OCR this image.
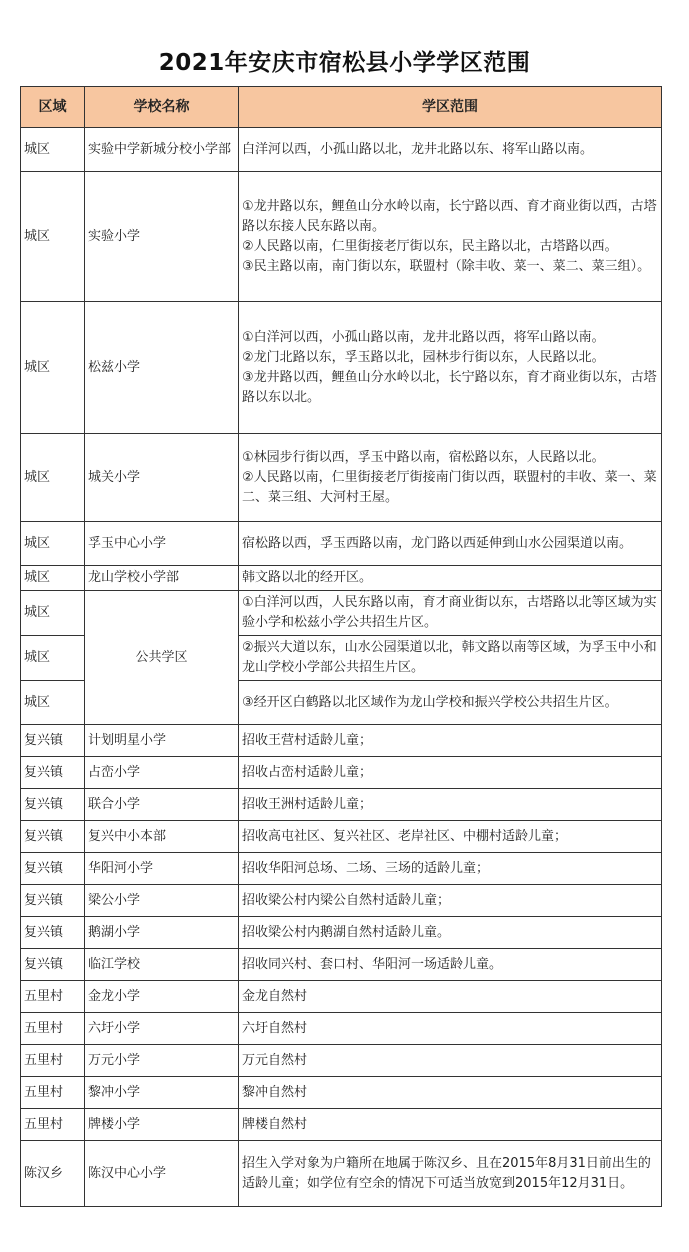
2021年安庆市宿松县小学学区范围
区域	学校名称	学区范围
城区	实验中学新城分校小学部	白洋河以西，小孤山路以北，龙井北路以东、将军山路以南。

城区	实验小学	①龙井路以东，鲤鱼山分水岭以南，长宁路以西、育才商业街以西，古塔路以东接人民东路以南。
②人民路以南，仁里街接老厅街以东，民主路以北，古塔路以西。
③民主路以南，南门街以东，联盟村（除丰收、菜一、菜二、菜三组）。

城区	松兹小学	①白洋河以西，小孤山路以南，龙井北路以西，将军山路以南。
②龙门北路以东，孚玉路以北，园林步行街以东，人民路以北。
③龙井路以西，鲤鱼山分水岭以北，长宁路以东，育才商业街以东，古塔路以东以北。

城区	城关小学	①林园步行街以西，孚玉中路以南，宿松路以东，人民路以北。
②人民路以南，仁里街接老厅街接南门街以西，联盟村的丰收、菜一、菜二、菜三组、大河村王屋。

城区	孚玉中心小学	宿松路以西，孚玉西路以南，龙门路以西延伸到山水公园渠道以南。

城区	龙山学校小学部	韩文路以北的经开区。

城区	公共学区	①白洋河以西，人民东路以南，育才商业街以东，古塔路以北等区域为实验小学和松兹小学公共招生片区。
城区		②振兴大道以东，山水公园渠道以北，韩文路以南等区域，为孚玉中小和龙山学校小学部公共招生片区。
城区		③经开区白鹤路以北区域作为龙山学校和振兴学校公共招生片区。
复兴镇	计划明星小学	招收王营村适龄儿童；
复兴镇	占峦小学	招收占峦村适龄儿童；
复兴镇	联合小学	招收王洲村适龄儿童；
复兴镇	复兴中小本部	招收高屯社区、复兴社区、老岸社区、中棚村适龄儿童；
复兴镇	华阳河小学	招收华阳河总场、二场、三场的适龄儿童；
复兴镇	梁公小学	招收梁公村内梁公自然村适龄儿童；
复兴镇	鹅湖小学	招收梁公村内鹅湖自然村适龄儿童。
复兴镇	临江学校	招收同兴村、套口村、华阳河一场适龄儿童。
五里村	金龙小学	金龙自然村
五里村	六圩小学	六圩自然村
五里村	万元小学	万元自然村
五里村	黎冲小学	黎冲自然村
五里村	牌楼小学	牌楼自然村
陈汉乡	陈汉中心小学	招生入学对象为户籍所在地属于陈汉乡、且在2015年8月31日前出生的适龄儿童；如学位有空余的情况下可适当放宽到2015年12月31日。
